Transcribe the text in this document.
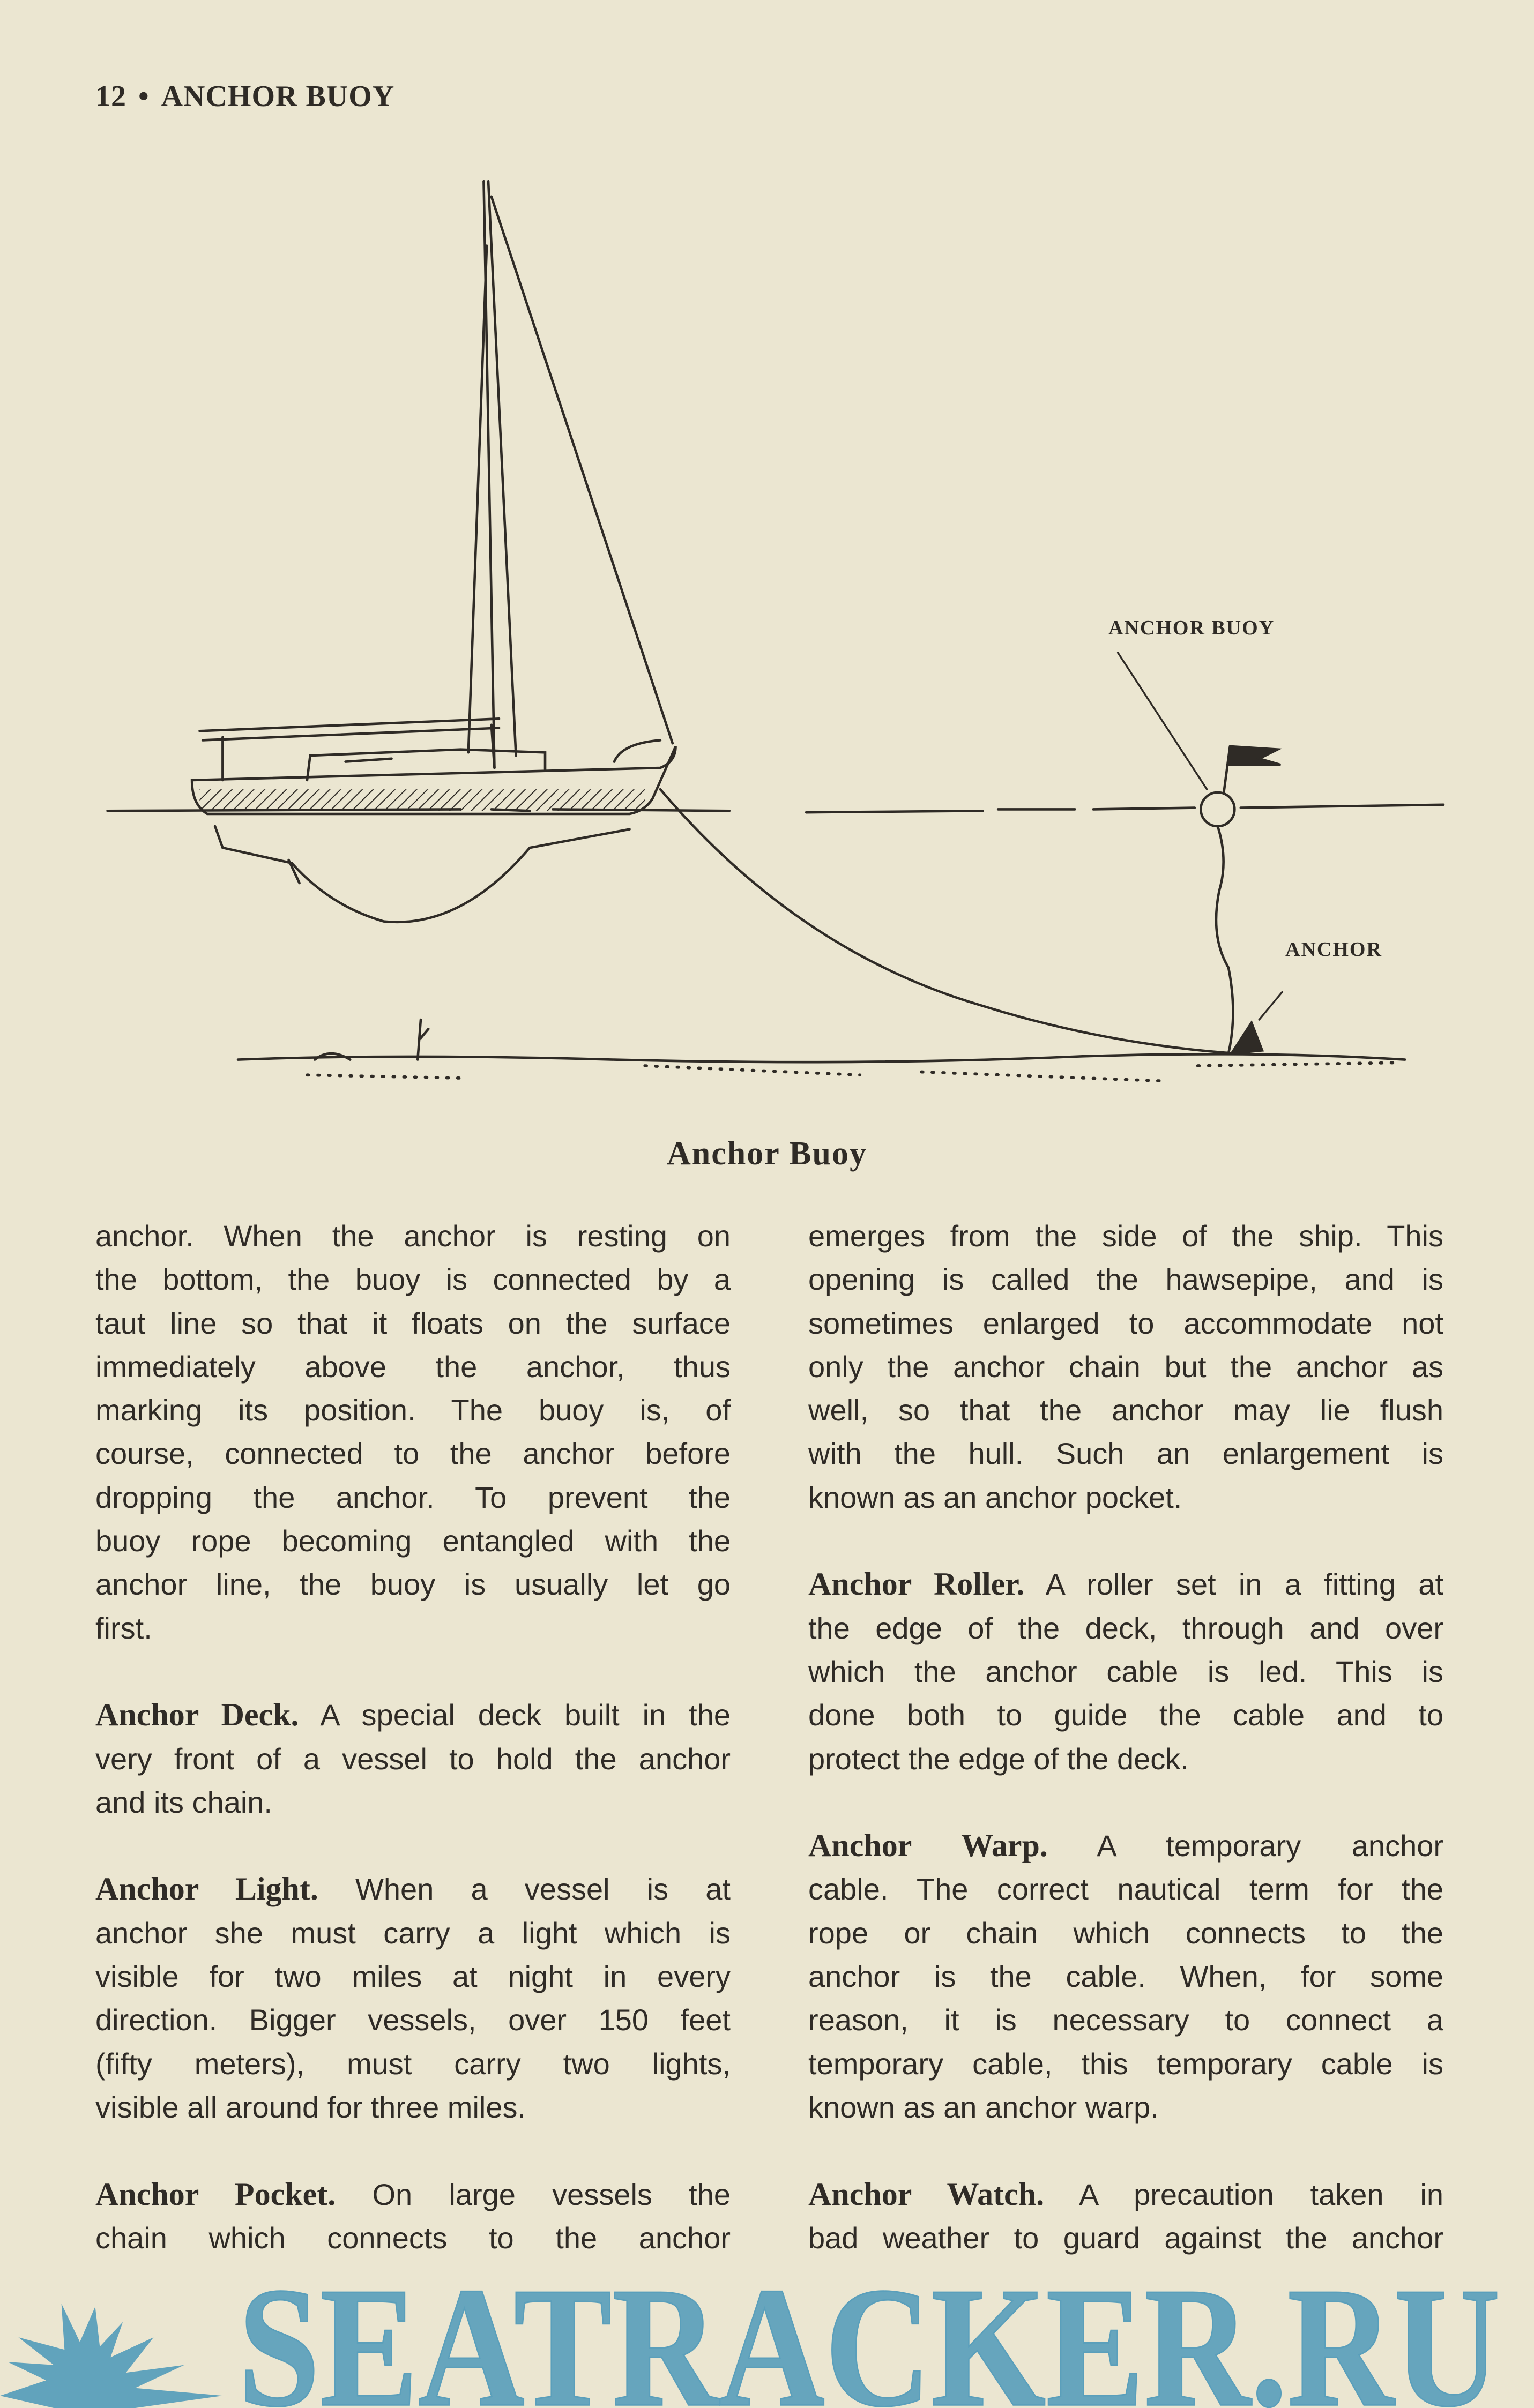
12 • ANCHOR BUOY
ANCHOR BUOY
ANCHOR
Anchor Buoy
anchor. When the anchor is resting on
the bottom, the buoy is connected by a
taut line so that it floats on the surface
immediately above the anchor, thus
marking its position. The buoy is, of
course, connected to the anchor before
dropping the anchor. To prevent the
buoy rope becoming entangled with the
anchor line, the buoy is usually let go
first.
Anchor Deck. A special deck built in the
very front of a vessel to hold the anchor
and its chain.
Anchor Light. When a vessel is at
anchor she must carry a light which is
visible for two miles at night in every
direction. Bigger vessels, over 150 feet
(fifty meters), must carry two lights,
visible all around for three miles.
Anchor Pocket. On large vessels the
chain which connects to the anchor
emerges from the side of the ship. This
opening is called the hawsepipe, and is
sometimes enlarged to accommodate not
only the anchor chain but the anchor as
well, so that the anchor may lie flush
with the hull. Such an enlargement is
known as an anchor pocket.
Anchor Roller. A roller set in a fitting at
the edge of the deck, through and over
which the anchor cable is led. This is
done both to guide the cable and to
protect the edge of the deck.
Anchor Warp. A temporary anchor
cable. The correct nautical term for the
rope or chain which connects to the
anchor is the cable. When, for some
reason, it is necessary to connect a
temporary cable, this temporary cable is
known as an anchor warp.
Anchor Watch. A precaution taken in
bad weather to guard against the anchor
SEATRACKER.RU
